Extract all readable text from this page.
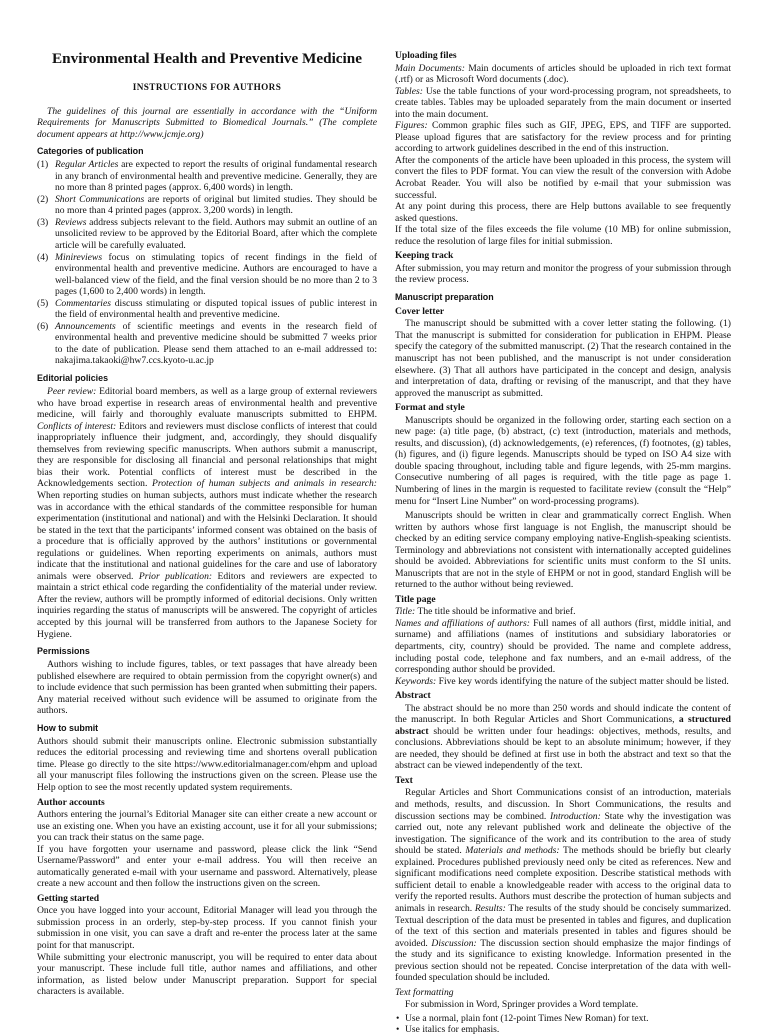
Environmental Health and Preventive Medicine
INSTRUCTIONS FOR AUTHORS

The guidelines of this journal are essentially in accordance with the “Uniform Requirements for Manuscripts Submitted to Biomedical Journals.” (The complete document appears at http://www.jcmje.org)

Categories of publication
(1) Regular Articles are expected to report the results of original fundamental research in any branch of environmental health and preventive medicine. Generally, they are no more than 8 printed pages (approx. 6,400 words) in length.
(2) Short Communications are reports of original but limited studies. They should be no more than 4 printed pages (approx. 3,200 words) in length.
(3) Reviews address subjects relevant to the field. Authors may submit an outline of an unsolicited review to be approved by the Editorial Board, after which the complete article will be carefully evaluated.
(4) Minireviews focus on stimulating topics of recent findings in the field of environmental health and preventive medicine. Authors are encouraged to have a well-balanced view of the field, and the final version should be no more than 2 to 3 pages (1,600 to 2,400 words) in length.
(5) Commentaries discuss stimulating or disputed topical issues of public interest in the field of environmental health and preventive medicine.
(6) Announcements of scientific meetings and events in the research field of environmental health and preventive medicine should be submitted 7 weeks prior to the date of publication. Please send them attached to an e-mail addressed to: nakajima.takaoki@hw7.ccs.kyoto-u.ac.jp
Editorial policies

Peer review: Editorial board members, as well as a large group of external reviewers who have broad expertise in research areas of environmental health and preventive medicine, will fairly and thoroughly evaluate manuscripts submitted to EHPM. Conflicts of interest: Editors and reviewers must disclose conflicts of interest that could inappropriately influence their judgment, and, accordingly, they should disqualify themselves from reviewing specific manuscripts. When authors submit a manuscript, they are responsible for disclosing all financial and personal relationships that might bias their work. Potential conflicts of interest must be described in the Acknowledgements section. Protection of human subjects and animals in research: When reporting studies on human subjects, authors must indicate whether the research was in accordance with the ethical standards of the committee responsible for human experimentation (institutional and national) and with the Helsinki Declaration. It should be stated in the text that the participants’ informed consent was obtained on the basis of a procedure that is officially approved by the authors’ institutions or governmental regulations or guidelines. When reporting experiments on animals, authors must indicate that the institutional and national guidelines for the care and use of laboratory animals were observed. Prior publication: Editors and reviewers are expected to maintain a strict ethical code regarding the confidentiality of the material under review. After the review, authors will be promptly informed of editorial decisions. Only written inquiries regarding the status of manuscripts will be answered. The copyright of articles accepted by this journal will be transferred from authors to the Japanese Society for Hygiene.

Permissions

Authors wishing to include figures, tables, or text passages that have already been published elsewhere are required to obtain permission from the copyright owner(s) and to include evidence that such permission has been granted when submitting their papers. Any material received without such evidence will be assumed to originate from the authors.

How to submit

Authors should submit their manuscripts online. Electronic submission substantially reduces the editorial processing and reviewing time and shortens overall publication time. Please go directly to the site https://www.editorialmanager.com/ehpm and upload all your manuscript files following the instructions given on the screen. Please use the Help option to see the most recently updated system requirements.

Author accounts

Authors entering the journal’s Editorial Manager site can either create a new account or use an existing one. When you have an existing account, use it for all your submissions; you can track their status on the same page.

If you have forgotten your username and password, please click the link “Send Username/Password” and enter your e-mail address. You will then receive an automatically generated e-mail with your username and password. Alternatively, please create a new account and then follow the instructions given on the screen.

Getting started

Once you have logged into your account, Editorial Manager will lead you through the submission process in an orderly, step-by-step process. If you cannot finish your submission in one visit, you can save a draft and re-enter the process later at the same point for that manuscript.

While submitting your electronic manuscript, you will be required to enter data about your manuscript. These include full title, author names and affiliations, and other information, as listed below under Manuscript preparation. Support for special characters is available.

Uploading files

Main Documents: Main documents of articles should be uploaded in rich text format (.rtf) or as Microsoft Word documents (.doc).

Tables: Use the table functions of your word-processing program, not spreadsheets, to create tables. Tables may be uploaded separately from the main document or inserted into the main document.

Figures: Common graphic files such as GIF, JPEG, EPS, and TIFF are supported. Please upload figures that are satisfactory for the review process and for printing according to artwork guidelines described in the end of this instruction.

After the components of the article have been uploaded in this process, the system will convert the files to PDF format. You can view the result of the conversion with Adobe Acrobat Reader. You will also be notified by e-mail that your submission was successful.

At any point during this process, there are Help buttons available to see frequently asked questions.

If the total size of the files exceeds the file volume (10 MB) for online submission, reduce the resolution of large files for initial submission.

Keeping track

After submission, you may return and monitor the progress of your submission through the review process.

Manuscript preparation
Cover letter

The manuscript should be submitted with a cover letter stating the following. (1) That the manuscript is submitted for consideration for publication in EHPM. Please specify the category of the submitted manuscript. (2) That the research contained in the manuscript has not been published, and the manuscript is not under consideration elsewhere. (3) That all authors have participated in the concept and design, analysis and interpretation of data, drafting or revising of the manuscript, and that they have approved the manuscript as submitted.

Format and style

Manuscripts should be organized in the following order, starting each section on a new page: (a) title page, (b) abstract, (c) text (introduction, materials and methods, results, and discussion), (d) acknowledgements, (e) references, (f) footnotes, (g) tables, (h) figures, and (i) figure legends. Manuscripts should be typed on ISO A4 size with double spacing throughout, including table and figure legends, with 25-mm margins. Consecutive numbering of all pages is required, with the title page as page 1. Numbering of lines in the margin is requested to facilitate review (consult the “Help” menu for “Insert Line Number” on word-processing programs).

Manuscripts should be written in clear and grammatically correct English. When written by authors whose first language is not English, the manuscript should be checked by an editing service company employing native-English-speaking scientists. Terminology and abbreviations not consistent with internationally accepted guidelines should be avoided. Abbreviations for scientific units must conform to the SI units. Manuscripts that are not in the style of EHPM or not in good, standard English will be returned to the author without being reviewed.

Title page

Title: The title should be informative and brief.

Names and affiliations of authors: Full names of all authors (first, middle initial, and surname) and affiliations (names of institutions and subsidiary laboratories or departments, city, country) should be provided. The name and complete address, including postal code, telephone and fax numbers, and an e-mail address, of the corresponding author should be provided.

Keywords: Five key words identifying the nature of the subject matter should be listed.

Abstract

The abstract should be no more than 250 words and should indicate the content of the manuscript. In both Regular Articles and Short Communications, a structured abstract should be written under four headings: objectives, methods, results, and conclusions. Abbreviations should be kept to an absolute minimum; however, if they are needed, they should be defined at first use in both the abstract and text so that the abstract can be viewed independently of the text.

Text

Regular Articles and Short Communications consist of an introduction, materials and methods, results, and discussion. In Short Communications, the results and discussion sections may be combined. Introduction: State why the investigation was carried out, note any relevant published work and delineate the objective of the investigation. The significance of the work and its contribution to the area of study should be stated. Materials and methods: The methods should be briefly but clearly explained. Procedures published previously need only be cited as references. New and significant modifications need complete exposition. Describe statistical methods with sufficient detail to enable a knowledgeable reader with access to the original data to verify the reported results. Authors must describe the protection of human subjects and animals in research. Results: The results of the study should be concisely summarized. Textual description of the data must be presented in tables and figures, and duplication of the text of this section and materials presented in tables and figures should be avoided. Discussion: The discussion section should emphasize the major findings of the study and its significance to existing knowledge. Information presented in the previous section should not be repeated. Concise interpretation of the data with well-founded speculation should be included.

Text formatting

For submission in Word, Springer provides a Word template.

• Use a normal, plain font (12-point Times New Roman) for text.
• Use italics for emphasis.
